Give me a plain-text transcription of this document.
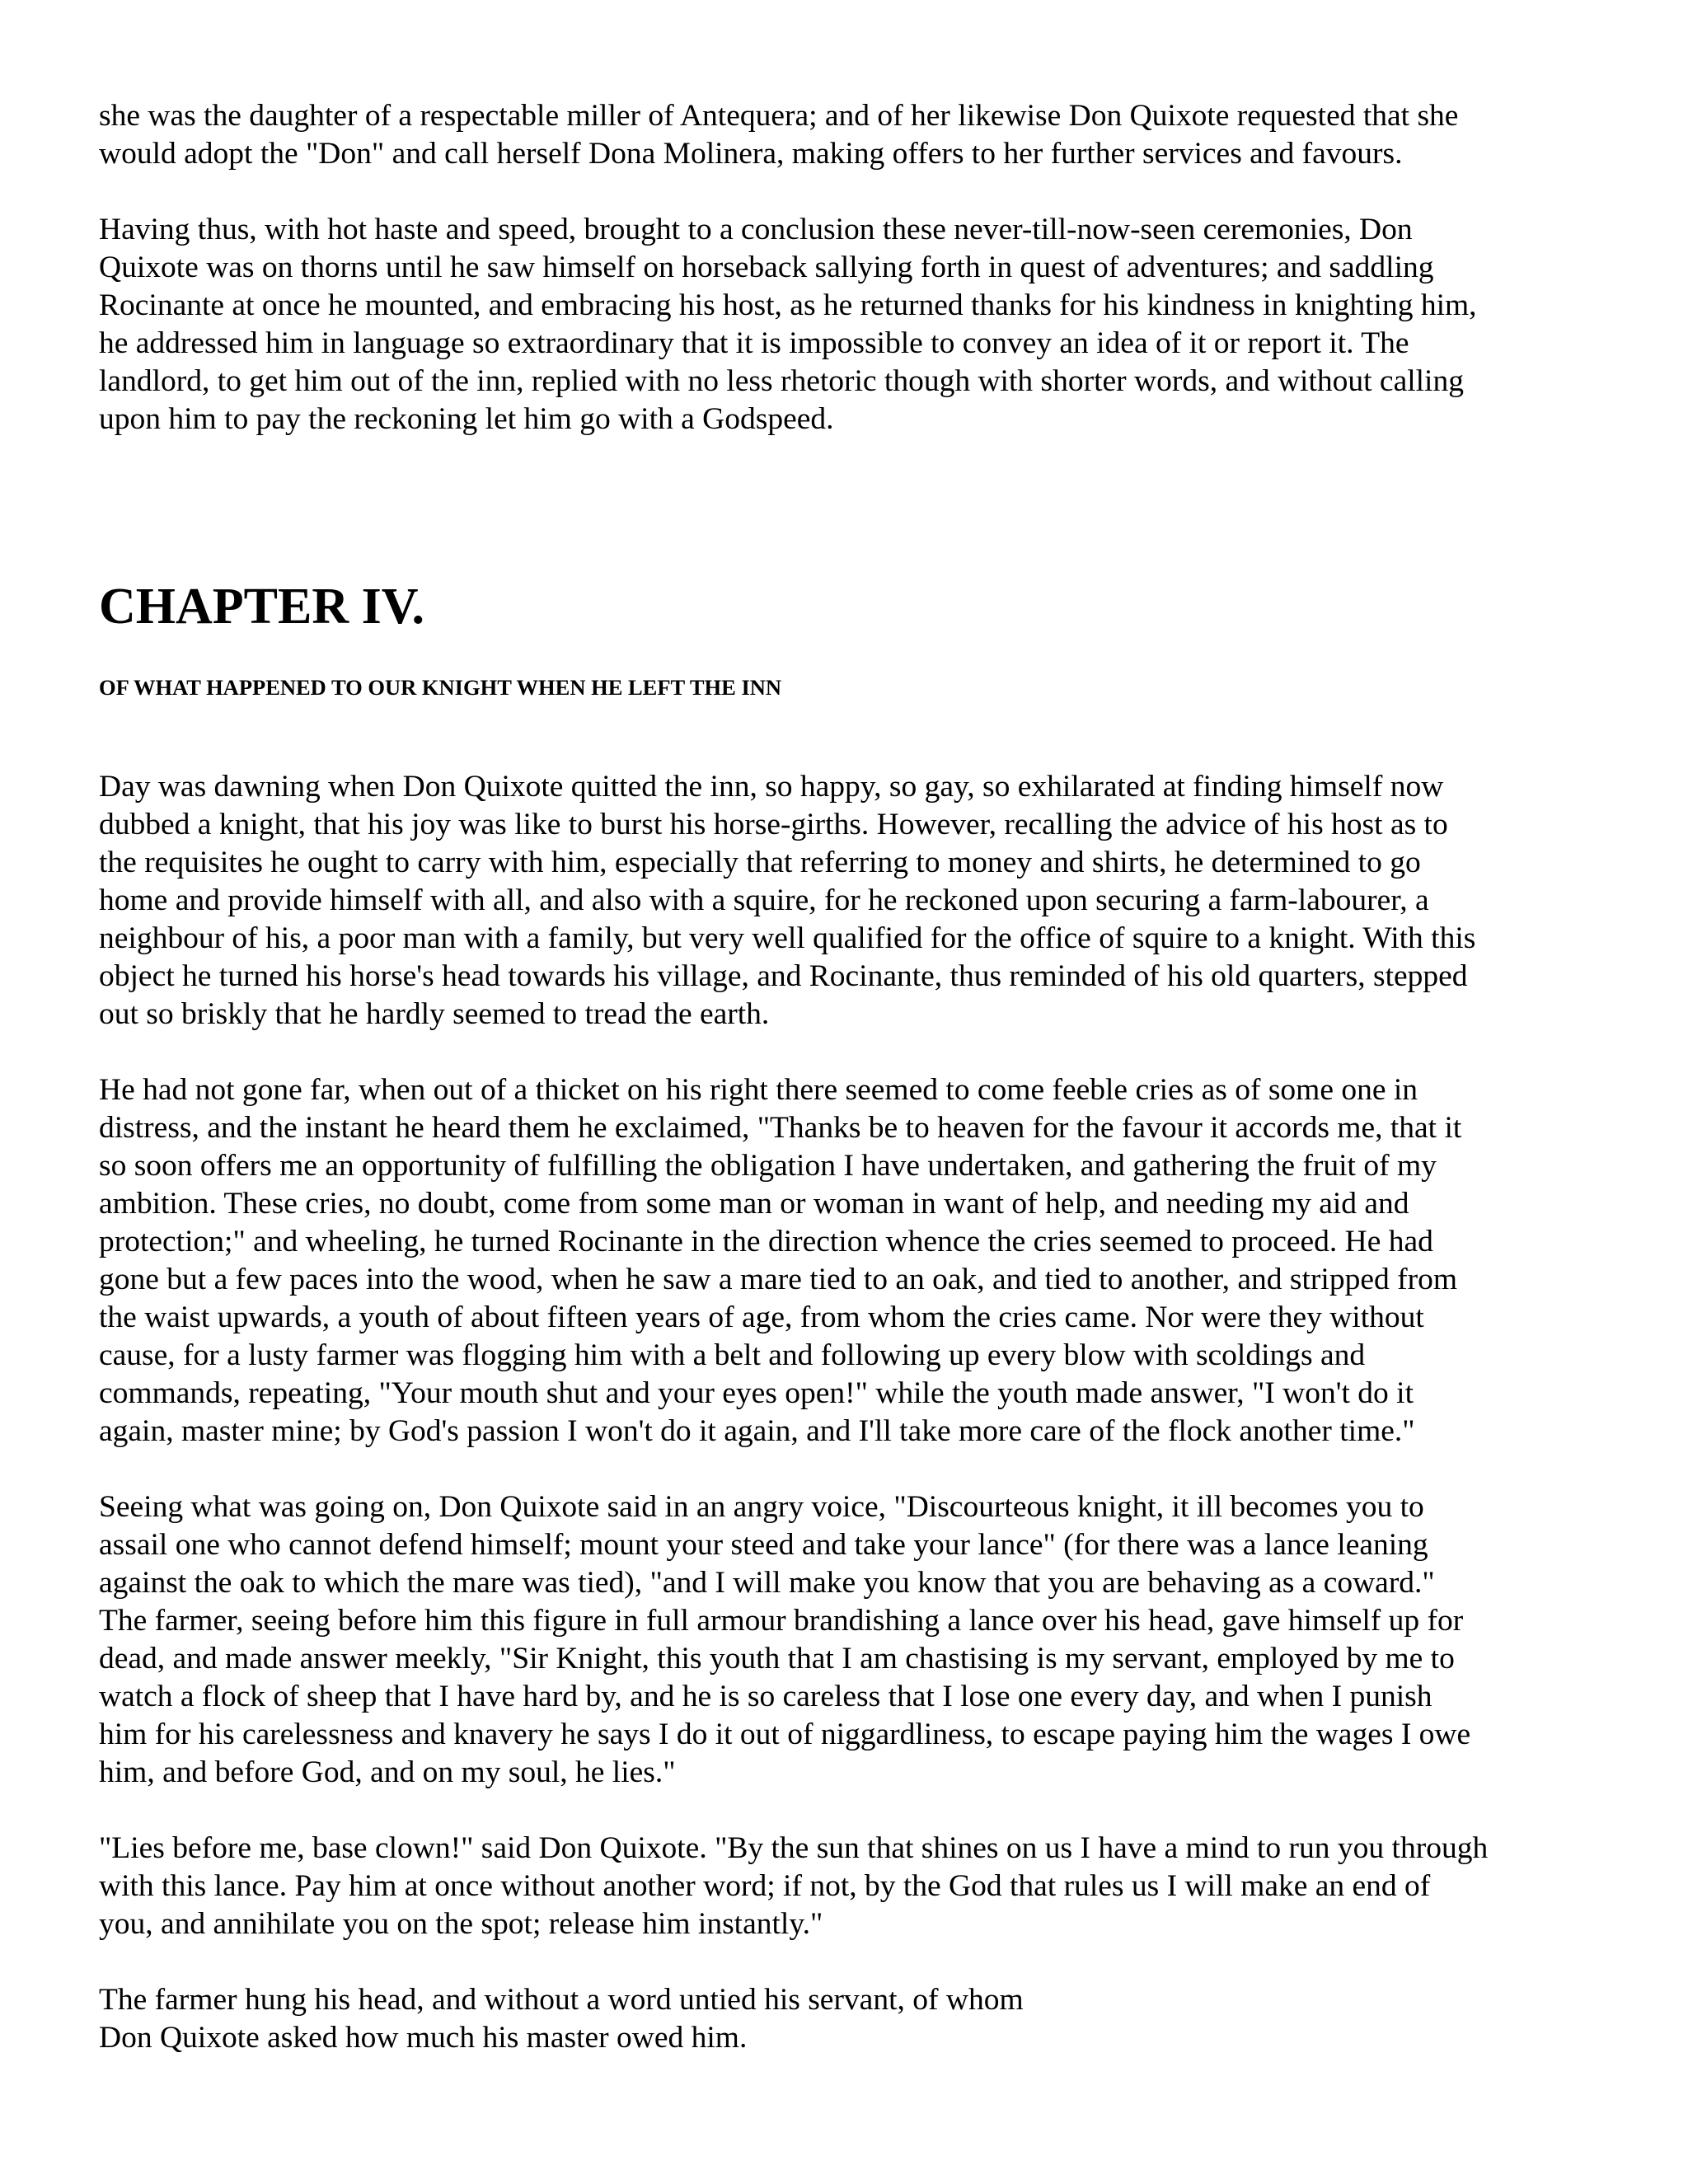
she was the daughter of a respectable miller of Antequera; and of her likewise Don Quixote requested that she
would adopt the "Don" and call herself Dona Molinera, making offers to her further services and favours.

Having thus, with hot haste and speed, brought to a conclusion these never-till-now-seen ceremonies, Don
Quixote was on thorns until he saw himself on horseback sallying forth in quest of adventures; and saddling
Rocinante at once he mounted, and embracing his host, as he returned thanks for his kindness in knighting him,
he addressed him in language so extraordinary that it is impossible to convey an idea of it or report it. The
landlord, to get him out of the inn, replied with no less rhetoric though with shorter words, and without calling
upon him to pay the reckoning let him go with a Godspeed.

CHAPTER IV.
OF WHAT HAPPENED TO OUR KNIGHT WHEN HE LEFT THE INN

Day was dawning when Don Quixote quitted the inn, so happy, so gay, so exhilarated at finding himself now
dubbed a knight, that his joy was like to burst his horse-girths. However, recalling the advice of his host as to
the requisites he ought to carry with him, especially that referring to money and shirts, he determined to go
home and provide himself with all, and also with a squire, for he reckoned upon securing a farm-labourer, a
neighbour of his, a poor man with a family, but very well qualified for the office of squire to a knight. With this
object he turned his horse's head towards his village, and Rocinante, thus reminded of his old quarters, stepped
out so briskly that he hardly seemed to tread the earth.

He had not gone far, when out of a thicket on his right there seemed to come feeble cries as of some one in
distress, and the instant he heard them he exclaimed, "Thanks be to heaven for the favour it accords me, that it
so soon offers me an opportunity of fulfilling the obligation I have undertaken, and gathering the fruit of my
ambition. These cries, no doubt, come from some man or woman in want of help, and needing my aid and
protection;" and wheeling, he turned Rocinante in the direction whence the cries seemed to proceed. He had
gone but a few paces into the wood, when he saw a mare tied to an oak, and tied to another, and stripped from
the waist upwards, a youth of about fifteen years of age, from whom the cries came. Nor were they without
cause, for a lusty farmer was flogging him with a belt and following up every blow with scoldings and
commands, repeating, "Your mouth shut and your eyes open!" while the youth made answer, "I won't do it
again, master mine; by God's passion I won't do it again, and I'll take more care of the flock another time."

Seeing what was going on, Don Quixote said in an angry voice, "Discourteous knight, it ill becomes you to
assail one who cannot defend himself; mount your steed and take your lance" (for there was a lance leaning
against the oak to which the mare was tied), "and I will make you know that you are behaving as a coward."
The farmer, seeing before him this figure in full armour brandishing a lance over his head, gave himself up for
dead, and made answer meekly, "Sir Knight, this youth that I am chastising is my servant, employed by me to
watch a flock of sheep that I have hard by, and he is so careless that I lose one every day, and when I punish
him for his carelessness and knavery he says I do it out of niggardliness, to escape paying him the wages I owe
him, and before God, and on my soul, he lies."

"Lies before me, base clown!" said Don Quixote. "By the sun that shines on us I have a mind to run you through
with this lance. Pay him at once without another word; if not, by the God that rules us I will make an end of
you, and annihilate you on the spot; release him instantly."

The farmer hung his head, and without a word untied his servant, of whom
Don Quixote asked how much his master owed him.
